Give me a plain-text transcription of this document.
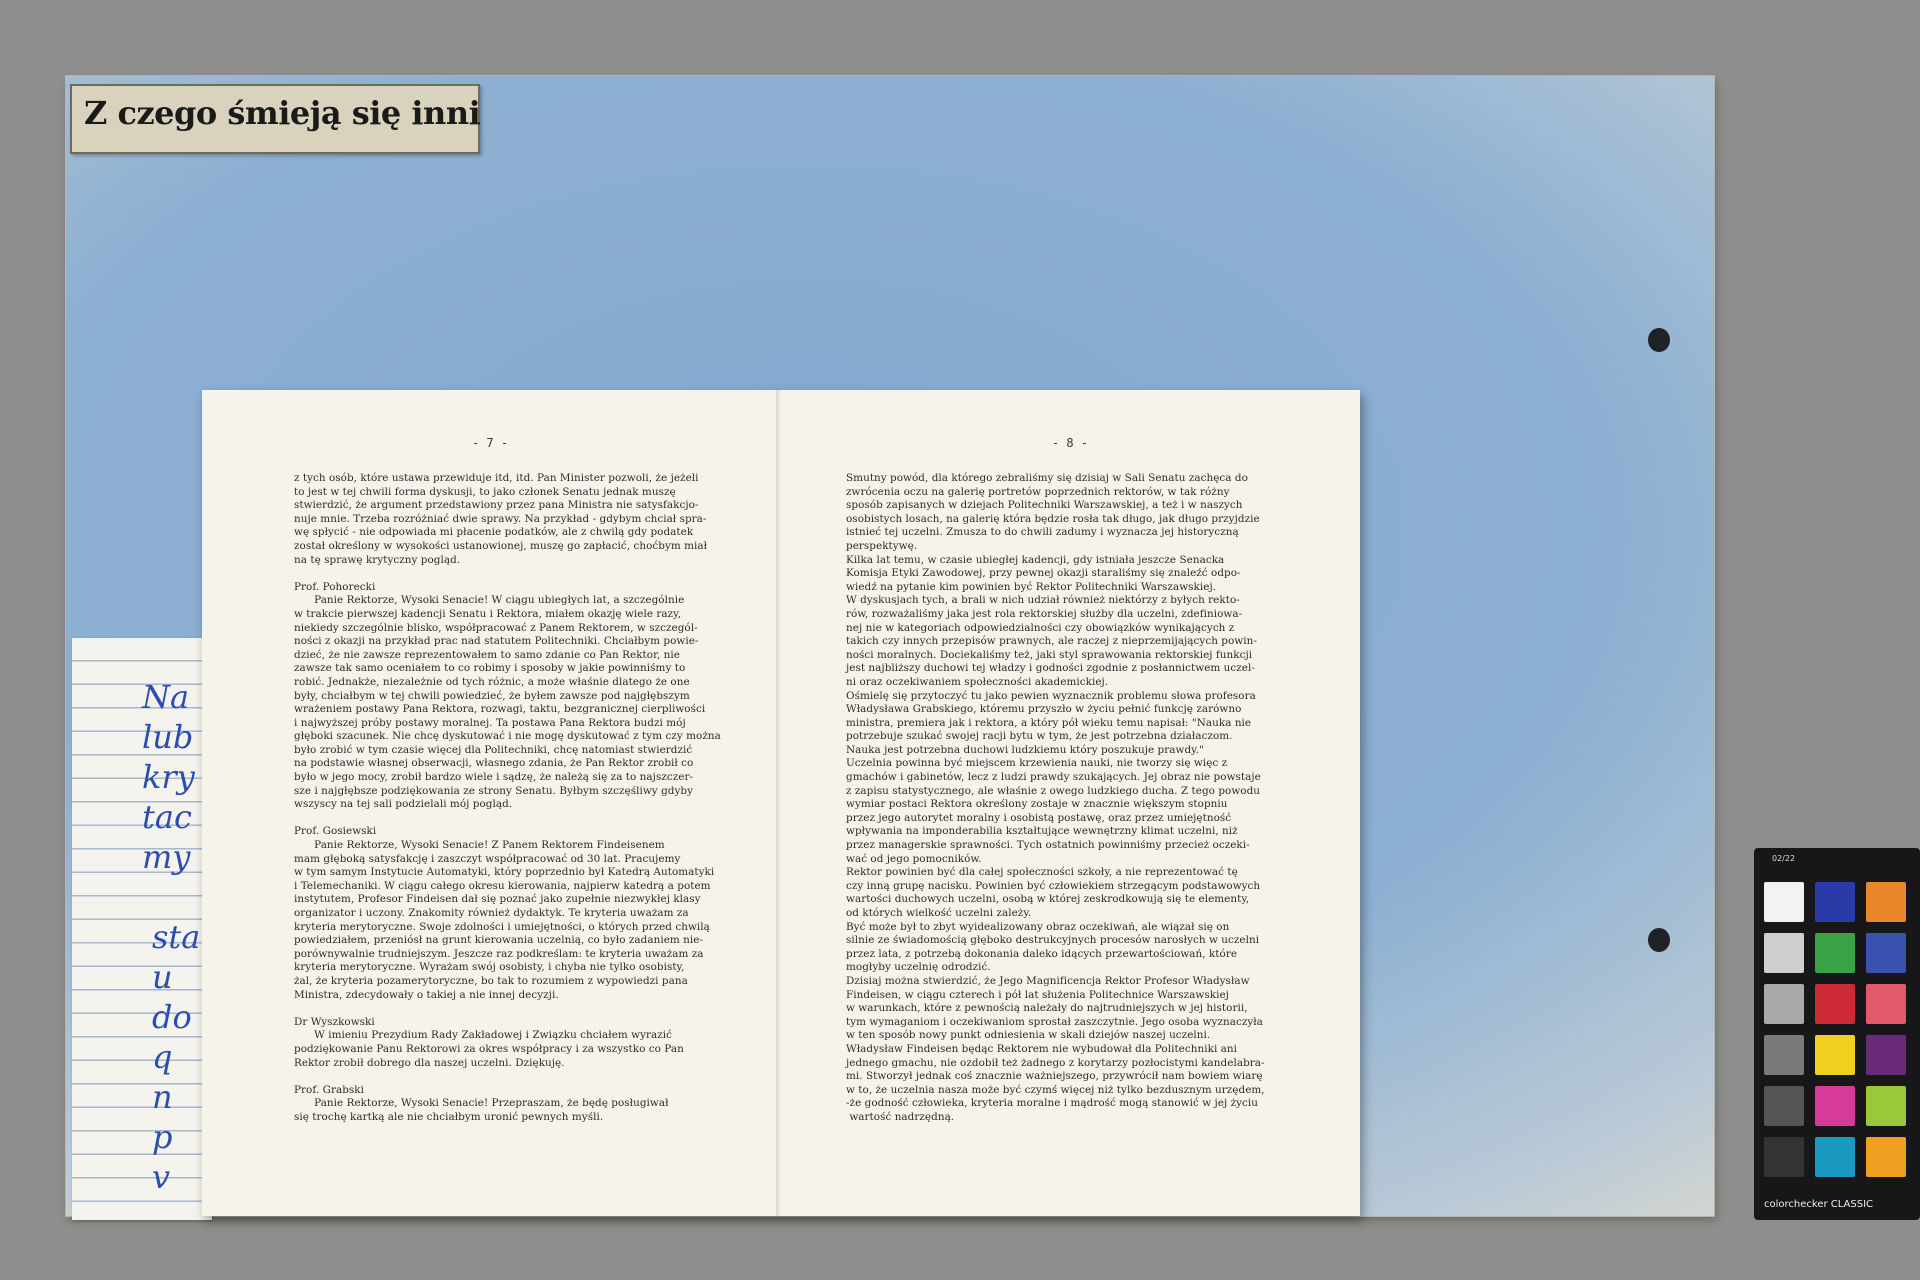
Z czego śmieją się inni
Na
lub
kry
tac
my
sta
u
do
q
n
p
v
- 7 -
z tych osób, które ustawa przewiduje itd, itd. Pan Minister pozwoli, że jeżeli
to jest w tej chwili forma dyskusji, to jako członek Senatu jednak muszę
stwierdzić, że argument przedstawiony przez pana Ministra nie satysfakcjo-
nuje mnie. Trzeba rozróżniać dwie sprawy. Na przykład - gdybym chciał spra-
wę spłycić - nie odpowiada mi płacenie podatków, ale z chwilą gdy podatek
został określony w wysokości ustanowionej, muszę go zapłacić, choćbym miał
na tę sprawę krytyczny pogląd.

Prof. Pohorecki
Panie Rektorze, Wysoki Senacie! W ciągu ubiegłych lat, a szczególnie
w trakcie pierwszej kadencji Senatu i Rektora, miałem okazję wiele razy,
niekiedy szczególnie blisko, współpracować z Panem Rektorem, w szczegól-
ności z okazji na przykład prac nad statutem Politechniki. Chciałbym powie-
dzieć, że nie zawsze reprezentowałem to samo zdanie co Pan Rektor, nie
zawsze tak samo oceniałem to co robimy i sposoby w jakie powinniśmy to
robić. Jednakże, niezależnie od tych różnic, a może właśnie dlatego że one
były, chciałbym w tej chwili powiedzieć, że byłem zawsze pod najgłębszym
wrażeniem postawy Pana Rektora, rozwagi, taktu, bezgranicznej cierpliwości
i najwyższej próby postawy moralnej. Ta postawa Pana Rektora budzi mój
głęboki szacunek. Nie chcę dyskutować i nie mogę dyskutować z tym czy można
było zrobić w tym czasie więcej dla Politechniki, chcę natomiast stwierdzić
na podstawie własnej obserwacji, własnego zdania, że Pan Rektor zrobił co
było w jego mocy, zrobił bardzo wiele i sądzę, że należą się za to najszczer-
sze i najgłębsze podziękowania ze strony Senatu. Byłbym szczęśliwy gdyby
wszyscy na tej sali podzielali mój pogląd.

Prof. Gosiewski
Panie Rektorze, Wysoki Senacie! Z Panem Rektorem Findeisenem
mam głęboką satysfakcję i zaszczyt współpracować od 30 lat. Pracujemy
w tym samym Instytucie Automatyki, który poprzednio był Katedrą Automatyki
i Telemechaniki. W ciągu całego okresu kierowania, najpierw katedrą a potem
instytutem, Profesor Findeisen dał się poznać jako zupełnie niezwykłej klasy
organizator i uczony. Znakomity również dydaktyk. Te kryteria uważam za
kryteria merytoryczne. Swoje zdolności i umiejętności, o których przed chwilą
powiedziałem, przeniósł na grunt kierowania uczelnią, co było zadaniem nie-
porównywalnie trudniejszym. Jeszcze raz podkreślam: te kryteria uważam za
kryteria merytoryczne. Wyrażam swój osobisty, i chyba nie tylko osobisty,
żal, że kryteria pozamerytoryczne, bo tak to rozumiem z wypowiedzi pana
Ministra, zdecydowały o takiej a nie innej decyzji.

Dr Wyszkowski
W imieniu Prezydium Rady Zakładowej i Związku chciałem wyrazić
podziękowanie Panu Rektorowi za okres współpracy i za wszystko co Pan
Rektor zrobił dobrego dla naszej uczelni. Dziękuję.

Prof. Grabski
Panie Rektorze, Wysoki Senacie! Przepraszam, że będę posługiwał
się trochę kartką ale nie chciałbym uronić pewnych myśli.
- 8 -
Smutny powód, dla którego zebraliśmy się dzisiaj w Sali Senatu zachęca do
zwrócenia oczu na galerię portretów poprzednich rektorów, w tak różny
sposób zapisanych w dziejach Politechniki Warszawskiej, a też i w naszych
osobistych losach, na galerię która będzie rosła tak długo, jak długo przyjdzie
istnieć tej uczelni. Zmusza to do chwili zadumy i wyznacza jej historyczną
perspektywę.
Kilka lat temu, w czasie ubiegłej kadencji, gdy istniała jeszcze Senacka
Komisja Etyki Zawodowej, przy pewnej okazji staraliśmy się znaleźć odpo-
wiedź na pytanie kim powinien być Rektor Politechniki Warszawskiej.
W dyskusjach tych, a brali w nich udział również niektórzy z byłych rekto-
rów, rozważaliśmy jaka jest rola rektorskiej służby dla uczelni, zdefiniowa-
nej nie w kategoriach odpowiedzialności czy obowiązków wynikających z
takich czy innych przepisów prawnych, ale raczej z nieprzemijających powin-
ności moralnych. Dociekaliśmy też, jaki styl sprawowania rektorskiej funkcji
jest najbliższy duchowi tej władzy i godności zgodnie z posłannictwem uczel-
ni oraz oczekiwaniem społeczności akademickiej.
Ośmielę się przytoczyć tu jako pewien wyznacznik problemu słowa profesora
Władysława Grabskiego, któremu przyszło w życiu pełnić funkcję zarówno
ministra, premiera jak i rektora, a który pół wieku temu napisał: "Nauka nie
potrzebuje szukać swojej racji bytu w tym, że jest potrzebna działaczom.
Nauka jest potrzebna duchowi ludzkiemu który poszukuje prawdy."
Uczelnia powinna być miejscem krzewienia nauki, nie tworzy się więc z
gmachów i gabinetów, lecz z ludzi prawdy szukających. Jej obraz nie powstaje
z zapisu statystycznego, ale właśnie z owego ludzkiego ducha. Z tego powodu
wymiar postaci Rektora określony zostaje w znacznie większym stopniu
przez jego autorytet moralny i osobistą postawę, oraz przez umiejętność
wpływania na imponderabilia kształtujące wewnętrzny klimat uczelni, niż
przez managerskie sprawności. Tych ostatnich powinniśmy przecież oczeki-
wać od jego pomocników.
Rektor powinien być dla całej społeczności szkoły, a nie reprezentować tę
czy inną grupę nacisku. Powinien być człowiekiem strzegącym podstawowych
wartości duchowych uczelni, osobą w której zeskrodkowują się te elementy,
od których wielkość uczelni zależy.
Być może był to zbyt wyidealizowany obraz oczekiwań, ale wiązał się on
silnie ze świadomością głęboko destrukcyjnych procesów narosłych w uczelni
przez lata, z potrzebą dokonania daleko idących przewartościowań, które
mogłyby uczelnię odrodzić.
Dzisiaj można stwierdzić, że Jego Magnificencja Rektor Profesor Władysław
Findeisen, w ciągu czterech i pół lat służenia Politechnice Warszawskiej
w warunkach, które z pewnością należały do najtrudniejszych w jej historii,
tym wymaganiom i oczekiwaniom sprostał zaszczytnie. Jego osoba wyznaczyła
w ten sposób nowy punkt odniesienia w skali dziejów naszej uczelni.
Władysław Findeisen będąc Rektorem nie wybudował dla Politechniki ani
jednego gmachu, nie ozdobił też żadnego z korytarzy pozłocistymi kandelabra-
mi. Stworzył jednak coś znacznie ważniejszego, przywrócił nam bowiem wiarę
w to, że uczelnia nasza może być czymś więcej niż tylko bezdusznym urzędem,
-że godność człowieka, kryteria moralne i mądrość mogą stanowić w jej życiu
wartość nadrzędną.
02/22
colorchecker CLASSIC
